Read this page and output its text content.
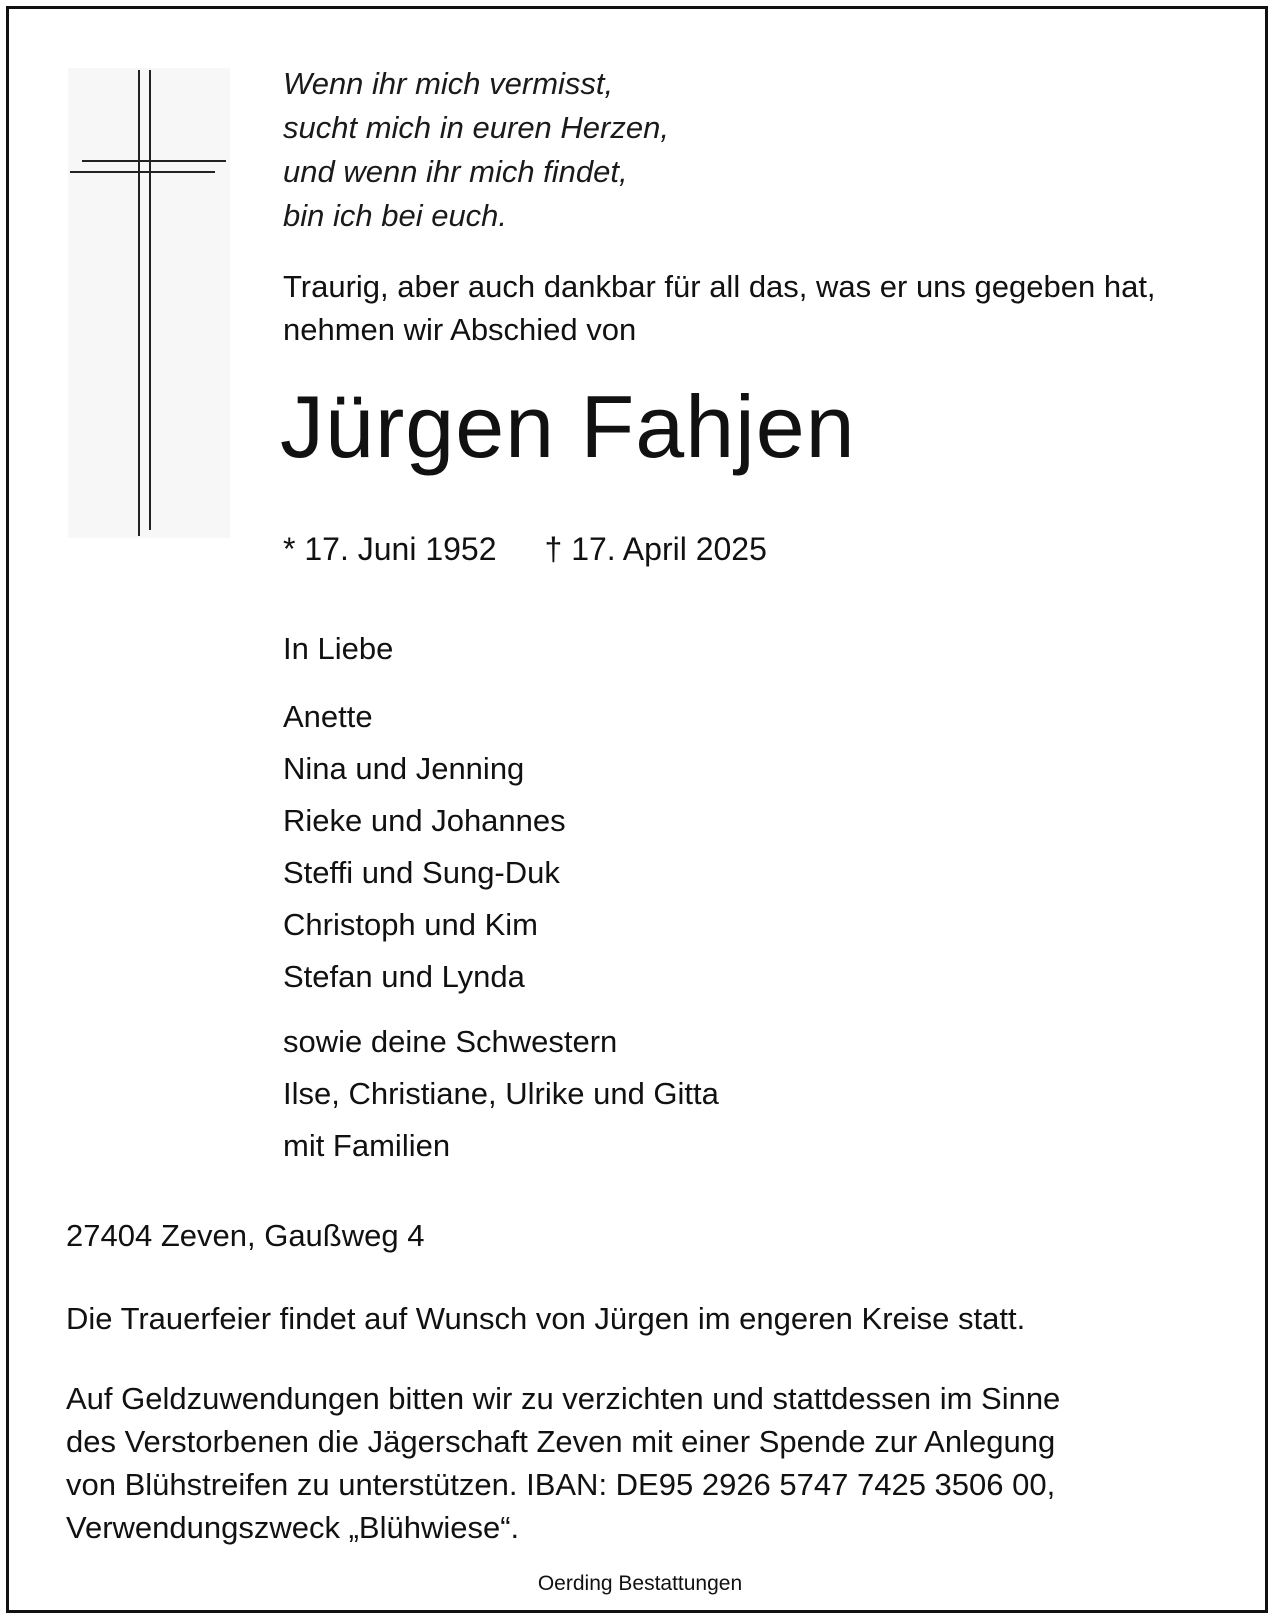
Wenn ihr mich vermisst,
sucht mich in euren Herzen,
und wenn ihr mich findet,
bin ich bei euch.
Traurig, aber auch dankbar für all das, was er uns gegeben hat,
nehmen wir Abschied von
Jürgen Fahjen
* 17. Juni 1952 † 17. April 2025
In Liebe
Anette
Nina und Jenning
Rieke und Johannes
Steffi und Sung-Duk
Christoph und Kim
Stefan und Lynda
sowie deine Schwestern
Ilse, Christiane, Ulrike und Gitta
mit Familien
27404 Zeven, Gaußweg 4
Die Trauerfeier findet auf Wunsch von Jürgen im engeren Kreise statt.
Auf Geldzuwendungen bitten wir zu verzichten und stattdessen im Sinne
des Verstorbenen die Jägerschaft Zeven mit einer Spende zur Anlegung
von Blühstreifen zu unterstützen. IBAN: DE95 2926 5747 7425 3506 00,
Verwendungszweck „Blühwiese“.
Oerding Bestattungen
